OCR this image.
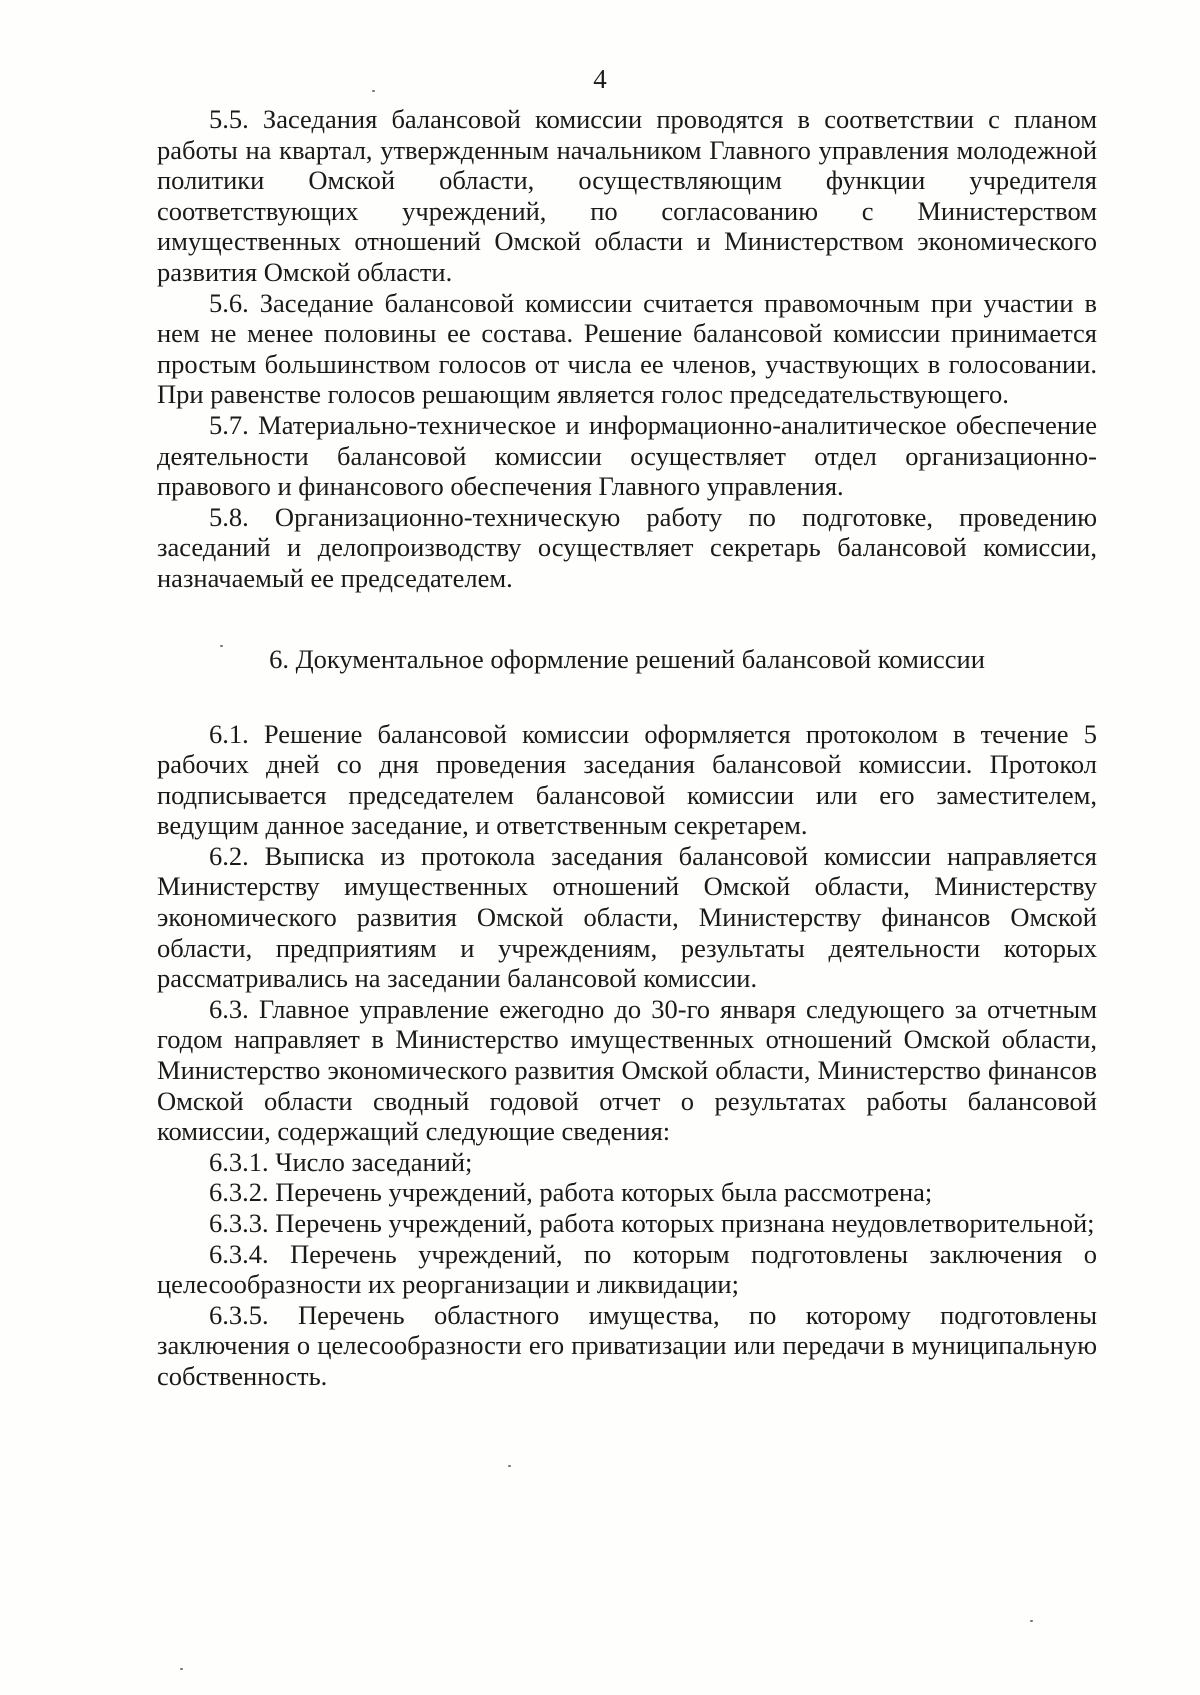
4

5.5. Заседания балансовой комиссии проводятся в соответствии с планом работы на квартал, утвержденным начальником Главного управления молодежной политики Омской области, осуществляющим функции учредителя соответствующих учреждений, по согласованию с Министерством имущественных отношений Омской области и Министерством экономического развития Омской области.

5.6. Заседание балансовой комиссии считается правомочным при участии в нем не менее половины ее состава. Решение балансовой комиссии принимается простым большинством голосов от числа ее членов, участвующих в голосовании. При равенстве голосов решающим является голос председательствующего.

5.7. Материально-техническое и информационно-аналитическое обеспечение деятельности балансовой комиссии осуществляет отдел организационно-правового и финансового обеспечения Главного управления.

5.8. Организационно-техническую работу по подготовке, проведению заседаний и делопроизводству осуществляет секретарь балансовой комиссии, назначаемый ее председателем.

6. Документальное оформление решений балансовой комиссии

6.1. Решение балансовой комиссии оформляется протоколом в течение 5 рабочих дней со дня проведения заседания балансовой комиссии. Протокол подписывается председателем балансовой комиссии или его заместителем, ведущим данное заседание, и ответственным секретарем.

6.2. Выписка из протокола заседания балансовой комиссии направляется Министерству имущественных отношений Омской области, Министерству экономического развития Омской области, Министерству финансов Омской области, предприятиям и учреждениям, результаты деятельности которых рассматривались на заседании балансовой комиссии.

6.3. Главное управление ежегодно до 30-го января следующего за отчетным годом направляет в Министерство имущественных отношений Омской области, Министерство экономического развития Омской области, Министерство финансов Омской области сводный годовой отчет о результатах работы балансовой комиссии, содержащий следующие сведения:

6.3.1. Число заседаний;

6.3.2. Перечень учреждений, работа которых была рассмотрена;

6.3.3. Перечень учреждений, работа которых признана неудовлетворительной;

6.3.4. Перечень учреждений, по которым подготовлены заключения о целесообразности их реорганизации и ликвидации;

6.3.5. Перечень областного имущества, по которому подготовлены заключения о целесообразности его приватизации или передачи в муниципальную собственность.
